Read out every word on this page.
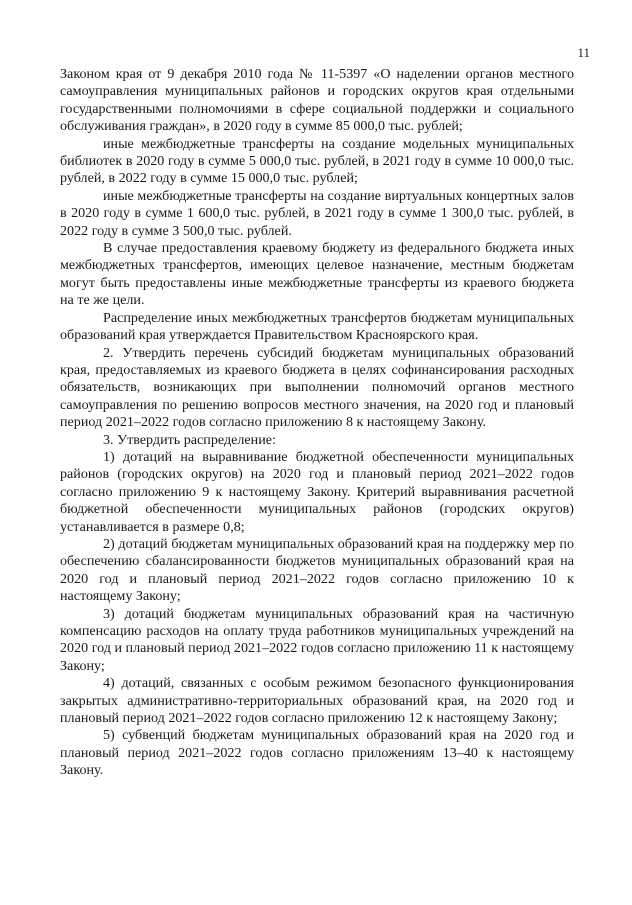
11

Законом края от 9 декабря 2010 года № 11-5397 «О наделении органов местного самоуправления муниципальных районов и городских округов края отдельными государственными полномочиями в сфере социальной поддержки и социального обслуживания граждан», в 2020 году в сумме 85 000,0 тыс. рублей;

иные межбюджетные трансферты на создание модельных муниципальных библиотек в 2020 году в сумме 5 000,0 тыс. рублей, в 2021 году в сумме 10 000,0 тыс. рублей, в 2022 году в сумме 15 000,0 тыс. рублей;

иные межбюджетные трансферты на создание виртуальных концертных залов в 2020 году в сумме 1 600,0 тыс. рублей, в 2021 году в сумме 1 300,0 тыс. рублей, в 2022 году в сумме 3 500,0 тыс. рублей.

В случае предоставления краевому бюджету из федерального бюджета иных межбюджетных трансфертов, имеющих целевое назначение, местным бюджетам могут быть предоставлены иные межбюджетные трансферты из краевого бюджета на те же цели.

Распределение иных межбюджетных трансфертов бюджетам муниципальных образований края утверждается Правительством Красноярского края.

2. Утвердить перечень субсидий бюджетам муниципальных образований края, предоставляемых из краевого бюджета в целях софинансирования расходных обязательств, возникающих при выполнении полномочий органов местного самоуправления по решению вопросов местного значения, на 2020 год и плановый период 2021–2022 годов согласно приложению 8 к настоящему Закону.

3. Утвердить распределение:

1) дотаций на выравнивание бюджетной обеспеченности муниципальных районов (городских округов) на 2020 год и плановый период 2021–2022 годов согласно приложению 9 к настоящему Закону. Критерий выравнивания расчетной бюджетной обеспеченности муниципальных районов (городских округов) устанавливается в размере 0,8;

2) дотаций бюджетам муниципальных образований края на поддержку мер по обеспечению сбалансированности бюджетов муниципальных образований края на 2020 год и плановый период 2021–2022 годов согласно приложению 10 к настоящему Закону;

3) дотаций бюджетам муниципальных образований края на частичную компенсацию расходов на оплату труда работников муниципальных учреждений на 2020 год и плановый период 2021–2022 годов согласно приложению 11 к настоящему Закону;

4) дотаций, связанных с особым режимом безопасного функционирования закрытых административно-территориальных образований края, на 2020 год и плановый период 2021–2022 годов согласно приложению 12 к настоящему Закону;

5) субвенций бюджетам муниципальных образований края на 2020 год и плановый период 2021–2022 годов согласно приложениям 13–40 к настоящему Закону.
